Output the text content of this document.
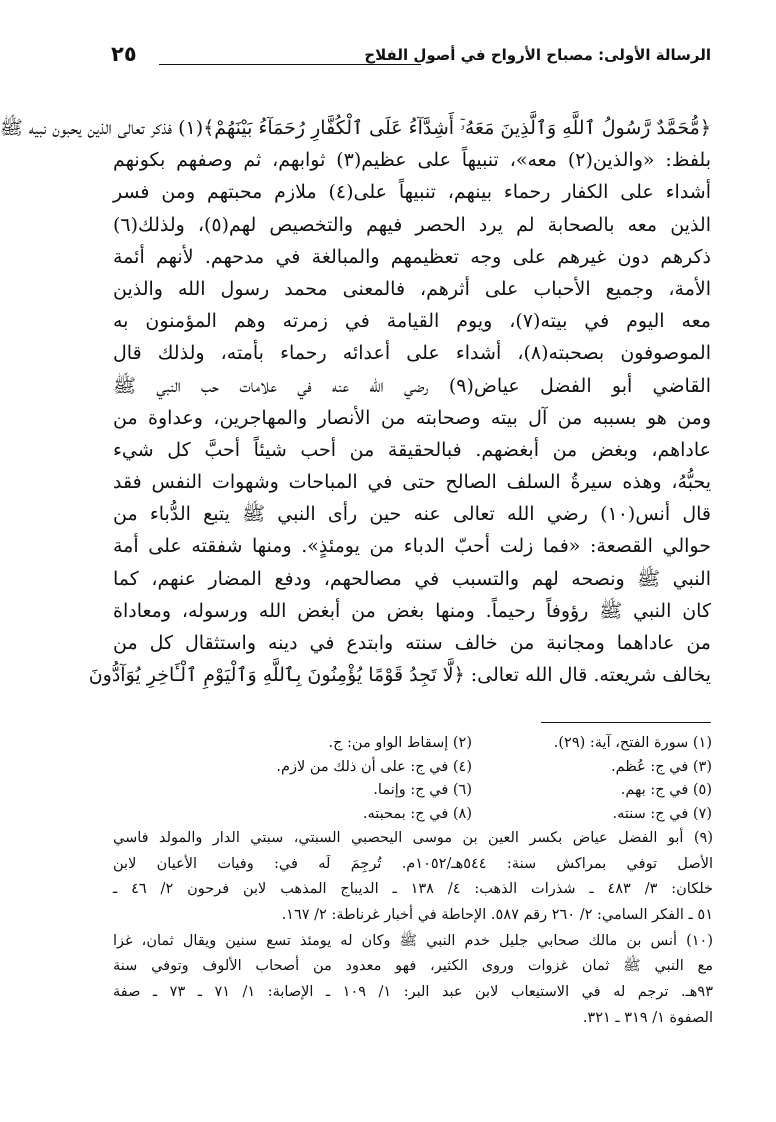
الرسالة الأولى: مصباح الأرواح في أصول الفلاح
٢٥
﴿مُّحَمَّدٌ رَّسُولُ ٱللَّهِ وَٱلَّذِينَ مَعَهُۥٓ أَشِدَّآءُ عَلَى ٱلْكُفَّارِ رُحَمَآءُ بَيْنَهُمْ﴾(١) فذكر تعالى الذين يحبون نبيه ﷺ
بلفظ: «والذين(٢) معه»، تنبيهاً على عظيم(٣) ثوابهم، ثم وصفهم بكونهم
أشداء على الكفار رحماء بينهم، تنبيهاً على(٤) ملازم محبتهم ومن فسر
الذين معه بالصحابة لم يرد الحصر فيهم والتخصيص لهم(٥)، ولذلك(٦)
ذكرهم دون غيرهم على وجه تعظيمهم والمبالغة في مدحهم. لأنهم أئمة
الأمة، وجميع الأحباب على أثرهم، فالمعنى محمد رسول الله والذين
معه اليوم في بيته(٧)، ويوم القيامة في زمرته وهم المؤمنون به
الموصوفون بصحبته(٨)، أشداء على أعدائه رحماء بأمته، ولذلك قال
القاضي أبو الفضل عياض(٩) رضي الله عنه في علامات حب النبي ﷺ
ومن هو بسببه من آل بيته وصحابته من الأنصار والمهاجرين، وعداوة من
عاداهم، وبغض من أبغضهم. فبالحقيقة من أحب شيئاً أحبَّ كل شيء
يحبُّهُ، وهذه سيرةُ السلف الصالح حتى في المباحات وشهوات النفس فقد
قال أنس(١٠) رضي الله تعالى عنه حين رأى النبي ﷺ يتبع الدُّباء من
حوالي القصعة: «فما زلت أحبّ الدباء من يومئذٍ». ومنها شفقته على أمة
النبي ﷺ ونصحه لهم والتسبب في مصالحهم، ودفع المضار عنهم، كما
كان النبي ﷺ رؤوفاً رحيماً. ومنها بغض من أبغض الله ورسوله، ومعاداة
من عاداهما ومجانبة من خالف سنته وابتدع في دينه واستثقال كل من
يخالف شريعته. قال الله تعالى: ﴿لَّا تَجِدُ قَوْمًا يُؤْمِنُونَ بِٱللَّهِ وَٱلْيَوْمِ ٱلْـَٔاخِرِ يُوَآدُّونَ
(١) سورة الفتح، آية: (٢٩).
(٢) إسقاط الواو من: ج.
(٣) في ج: عُظم.
(٤) في ج: على أن ذلك من لازم.
(٥) في ج: بهم.
(٦) في ج: وإنما.
(٧) في ج: سنته.
(٨) في ج: بمحبته.
(٩) أبو الفضل عياض بكسر العين بن موسى اليحصبي السبتي، سبتي الدار والمولد فاسي
الأصل توفي بمراكش سنة: ٥٤٤هـ/١٠٥٢م. تُرجِمَ لَه في: وفيات الأعيان لابن
خلكان: ٣/ ٤٨٣ ـ شذرات الذهب: ٤/ ١٣٨ ـ الديباج المذهب لابن فرحون ٢/ ٤٦ ـ
٥١ ـ الفكر السامي: ٢/ ٢٦٠ رقم ٥٨٧. الإحاطة في أخبار غرناطة: ٢/ ١٦٧.
(١٠) أنس بن مالك صحابي جليل خدم النبي ﷺ وكان له يومئذ تسع سنين ويقال ثمان، غزا
مع النبي ﷺ ثمان غزوات وروى الكثير، فهو معدود من أصحاب الألوف وتوفي سنة
٩٣هـ. ترجم له في الاستيعاب لابن عبد البر: ١/ ١٠٩ ـ الإصابة: ١/ ٧١ ـ ٧٣ ـ صفة
الصفوة ١/ ٣١٩ ـ ٣٢١.
